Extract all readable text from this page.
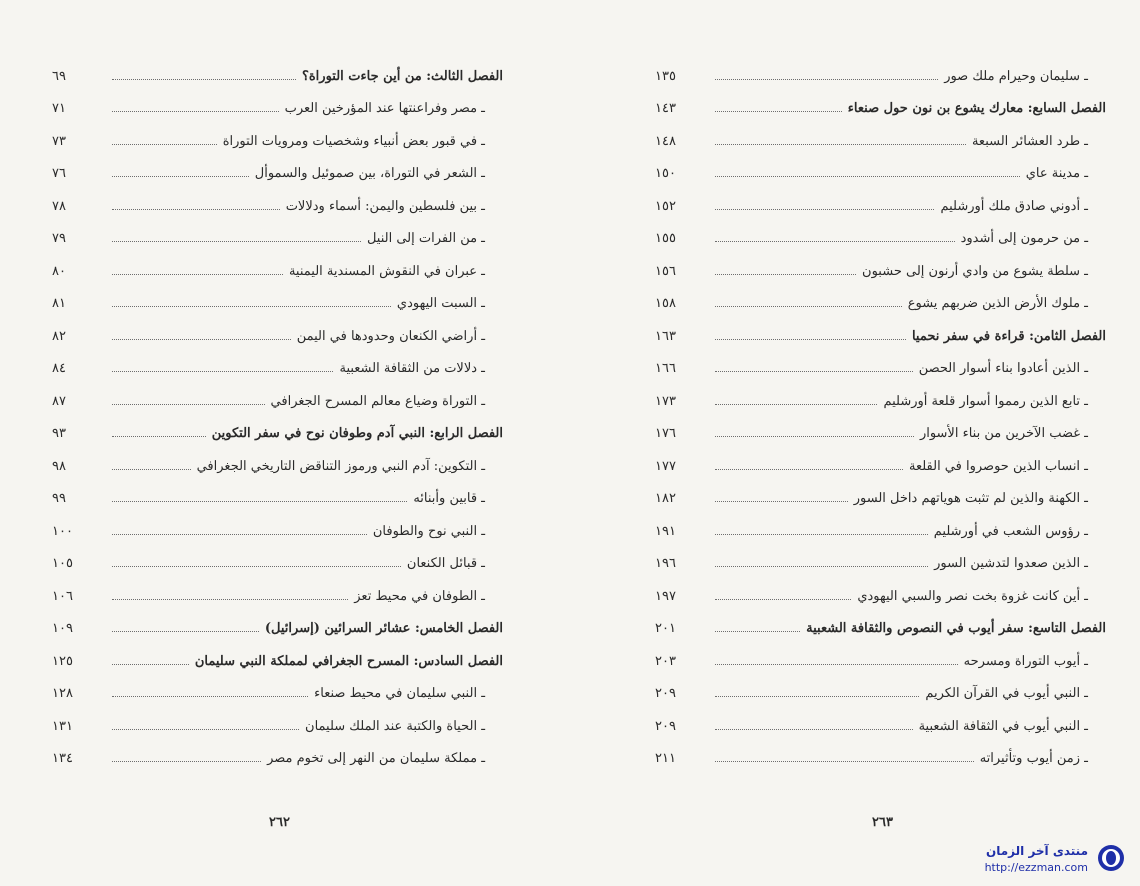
الفصل الثالث: من أين جاءت التوراة؟
٦٩
ـ مصر وفراعنتها عند المؤرخين العرب
٧١
ـ في قبور بعض أنبياء وشخصيات ومرويات التوراة
٧٣
ـ الشعر في التوراة، بين صموئيل والسموأل
٧٦
ـ بين فلسطين واليمن: أسماء ودلالات
٧٨
ـ من الفرات إلى النيل
٧٩
ـ عبران في النقوش المسندية اليمنية
٨٠
ـ السبت اليهودي
٨١
ـ أراضي الكنعان وحدودها في اليمن
٨٢
ـ دلالات من الثقافة الشعبية
٨٤
ـ التوراة وضياع معالم المسرح الجغرافي
٨٧
الفصل الرابع: النبي آدم وطوفان نوح في سفر التكوين
٩٣
ـ التكوين: آدم النبي ورموز التناقض التاريخي الجغرافي
٩٨
ـ قابين وأبنائه
٩٩
ـ النبي نوح والطوفان
١٠٠
ـ قبائل الكنعان
١٠٥
ـ الطوفان في محيط تعز
١٠٦
الفصل الخامس: عشائر السرائين (إسرائيل)
١٠٩
الفصل السادس: المسرح الجغرافي لمملكة النبي سليمان
١٢٥
ـ النبي سليمان في محيط صنعاء
١٢٨
ـ الحياة والكتبة عند الملك سليمان
١٣١
ـ مملكة سليمان من النهر إلى تخوم مصر
١٣٤
٢٦٢
ـ سليمان وحيرام ملك صور
١٣٥
الفصل السابع: معارك يشوع بن نون حول صنعاء
١٤٣
ـ طرد العشائر السبعة
١٤٨
ـ مدينة عاي
١٥٠
ـ أدوني صادق ملك أورشليم
١٥٢
ـ من حرمون إلى أشدود
١٥٥
ـ سلطة يشوع من وادي أرنون إلى حشبون
١٥٦
ـ ملوك الأرض الذين ضربهم يشوع
١٥٨
الفصل الثامن: قراءة في سفر نحميا
١٦٣
ـ الذين أعادوا بناء أسوار الحصن
١٦٦
ـ تابع الذين رمموا أسوار قلعة أورشليم
١٧٣
ـ غضب الآخرين من بناء الأسوار
١٧٦
ـ انساب الذين حوصروا في القلعة
١٧٧
ـ الكهنة والذين لم تثبت هوياتهم داخل السور
١٨٢
ـ رؤوس الشعب في أورشليم
١٩١
ـ الذين صعدوا لتدشين السور
١٩٦
ـ أين كانت غزوة بخت نصر والسبي اليهودي
١٩٧
الفصل التاسع: سفر أيوب في النصوص والثقافة الشعبية
٢٠١
ـ أيوب التوراة ومسرحه
٢٠٣
ـ النبي أيوب في القرآن الكريم
٢٠٩
ـ النبي أيوب في الثقافة الشعبية
٢٠٩
ـ زمن أيوب وتأثيراته
٢١١
٢٦٣
منتدى آخر الزمان
http://ezzman.com
